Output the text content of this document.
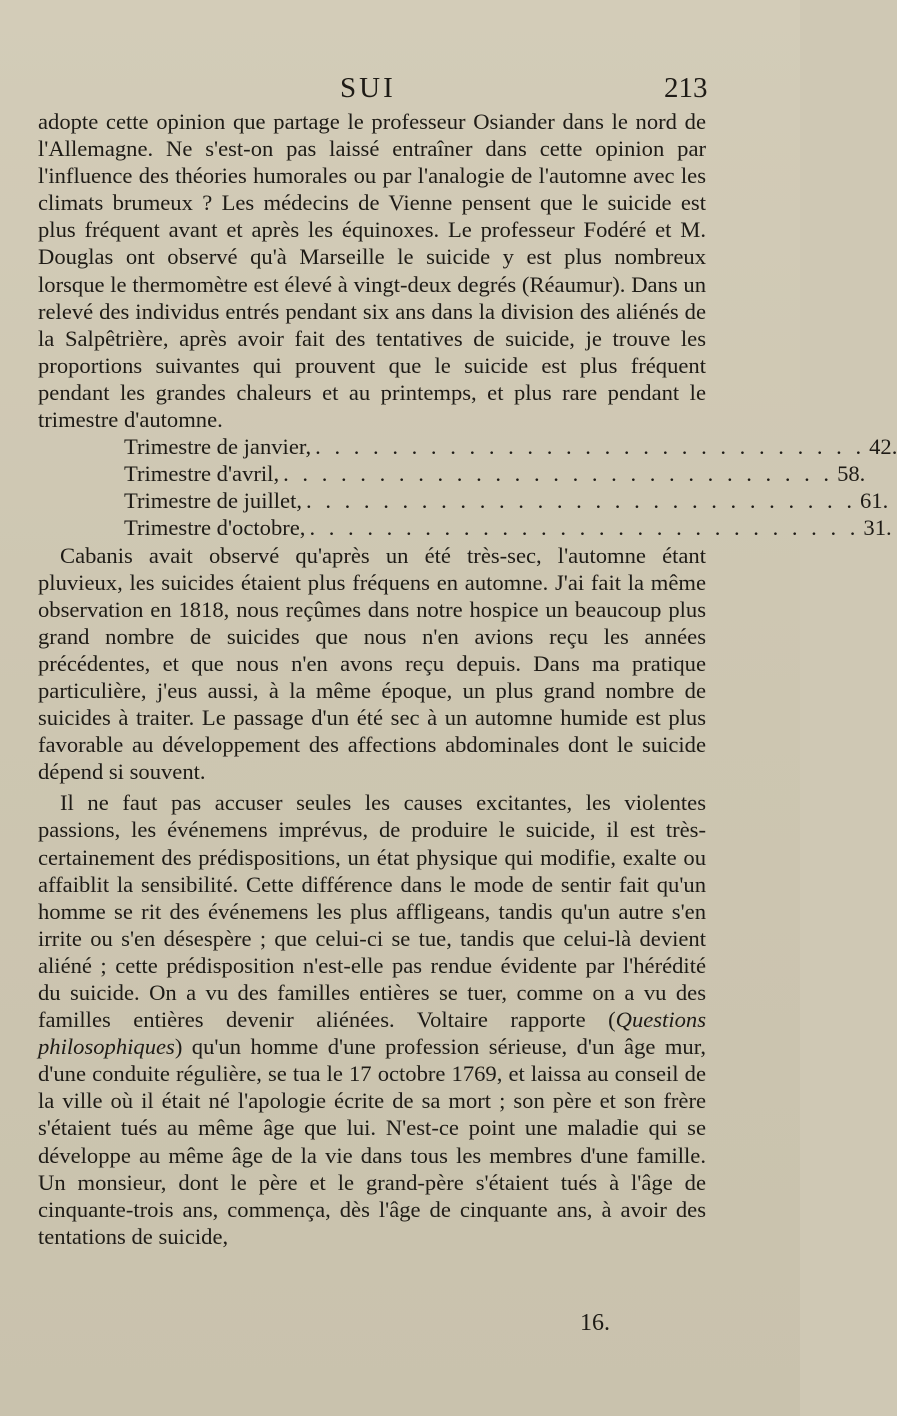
SUI	213

adopte cette opinion que partage le professeur Osiander dans le nord de l'Allemagne. Ne s'est-on pas laissé entraîner dans cette opinion par l'influence des théories humorales ou par l'analogie de l'automne avec les climats brumeux ? Les médecins de Vienne pensent que le suicide est plus fréquent avant et après les équinoxes. Le professeur Fodéré et M. Douglas ont observé qu'à Marseille le suicide y est plus nombreux lorsque le thermomètre est élevé à vingt-deux degrés (Réaumur). Dans un relevé des individus entrés pendant six ans dans la division des aliénés de la Salpêtrière, après avoir fait des tentatives de suicide, je trouve les proportions suivantes qui prouvent que le suicide est plus fréquent pendant les grandes chaleurs et au printemps, et plus rare pendant le trimestre d'automne.

Trimestre de janvier, . . . . . . . . . . . . . . . . . . . . . . . . . . . . . 42.
Trimestre d'avril, . . . . . . . . . . . . . . . . . . . . . . . . . . . . . 58.
Trimestre de juillet, . . . . . . . . . . . . . . . . . . . . . . . . . . . . . 61.
Trimestre d'octobre, . . . . . . . . . . . . . . . . . . . . . . . . . . . . . 31.

Cabanis avait observé qu'après un été très-sec, l'automne étant pluvieux, les suicides étaient plus fréquens en automne. J'ai fait la même observation en 1818, nous reçûmes dans notre hospice un beaucoup plus grand nombre de suicides que nous n'en avions reçu les années précédentes, et que nous n'en avons reçu depuis. Dans ma pratique particulière, j'eus aussi, à la même époque, un plus grand nombre de suicides à traiter. Le passage d'un été sec à un automne humide est plus favorable au développement des affections abdominales dont le suicide dépend si souvent.

Il ne faut pas accuser seules les causes excitantes, les violentes passions, les événemens imprévus, de produire le suicide, il est très-certainement des prédispositions, un état physique qui modifie, exalte ou affaiblit la sensibilité. Cette différence dans le mode de sentir fait qu'un homme se rit des événemens les plus affligeans, tandis qu'un autre s'en irrite ou s'en désespère ; que celui-ci se tue, tandis que celui-là devient aliéné ; cette prédisposition n'est-elle pas rendue évidente par l'hérédité du suicide. On a vu des familles entières se tuer, comme on a vu des familles entières devenir aliénées. Voltaire rapporte (Questions philosophiques) qu'un homme d'une profession sérieuse, d'un âge mur, d'une conduite régulière, se tua le 17 octobre 1769, et laissa au conseil de la ville où il était né l'apologie écrite de sa mort ; son père et son frère s'étaient tués au même âge que lui. N'est-ce point une maladie qui se développe au même âge de la vie dans tous les membres d'une famille. Un monsieur, dont le père et le grand-père s'étaient tués à l'âge de cinquante-trois ans, commença, dès l'âge de cinquante ans, à avoir des tentations de suicide,

16.
